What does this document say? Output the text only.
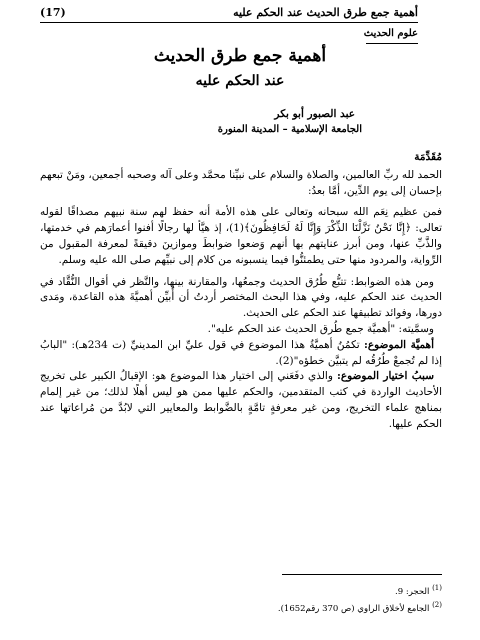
أهمية جمع طرق الحديث عند الحكم عليه
(17)
علوم الحديث
أهمية جمع طرق الحديث
عند الحكم عليه
عبد الصبور أبو بكر
الجامعة الإسلامية – المدينة المنورة

مُقَدِّمَة

الحمد لله ربِّ العالمين، والصلاة والسلام على نبيِّنا محمَّد وعلى آله وصحبه أجمعين، ومَنْ تبعهم بإحسان إلى يوم الدِّين، أمَّا بعدُ:

فمن عظيم نِعَم الله سبحانه وتعالى على هذه الأمة أنه حفظ لهم سنة نبيهم مصداقًا لقوله تعالى: ﴿إِنَّا نَحْنُ نَزَّلْنَا الذِّكْرَ وَإِنَّا لَهُ لَحَافِظُونَ﴾(1)، إذ هيَّأ لها رجالًا أفنوا أعمارَهم في خدمتها، والذَّبِّ عنها، ومن أبرز عنايتهم بها أنهم وَضعوا ضوابطَ وموازينَ دقيقةً لمعرفة المقبول من الرِّواية، والمردود منها حتى يطمئنُّوا فيما ينسبونه من كلام إلى نبيِّهم صلى الله عليه وسلم.

ومن هذه الضوابط: تتبُّع طُرُق الحديث وجمعُها، والمقارنة بينها، والنَّظر في أقوال النُّقَّاد في الحديث عند الحكم عليه، وفي هذا البحث المختصر أردتُ أن أُبيِّن أهميَّةَ هذه القاعدة، ومَدى دورها، وفوائد تطبيقها عند الحكم على الحديث.

وسمَّيته: "أهميَّة جمع طُرق الحديث عند الحكم عليه".

أهميَّة الموضوع: تكمُنُ أهميَّةُ هذا الموضوع في قول عليِّ ابن المدينيِّ (ت 234هـ): "البابُ إذا لم تُجمعْ طُرُقُه لم يتبيَّن خطؤه"(2).

سببُ اختيار الموضوع: والذي دفَعَني إلى اختيار هذا الموضوع هو: الإقبالُ الكبير على تخريج الأحاديث الواردة في كتب المتقدمين، والحكم عليها ممن هو ليس أهلًا لذلك؛ من غير إلمام بمناهج علماء التخريج، ومن غير معرفةٍ تامَّةٍ بالضَّوابط والمعايير التي لابُدَّ من مُراعاتها عند الحكم عليها.

$^{(1)}$ الحجر: 9.

$^{(2)}$ الجامع لأخلاق الراوي (ص 370 رقم1652).
